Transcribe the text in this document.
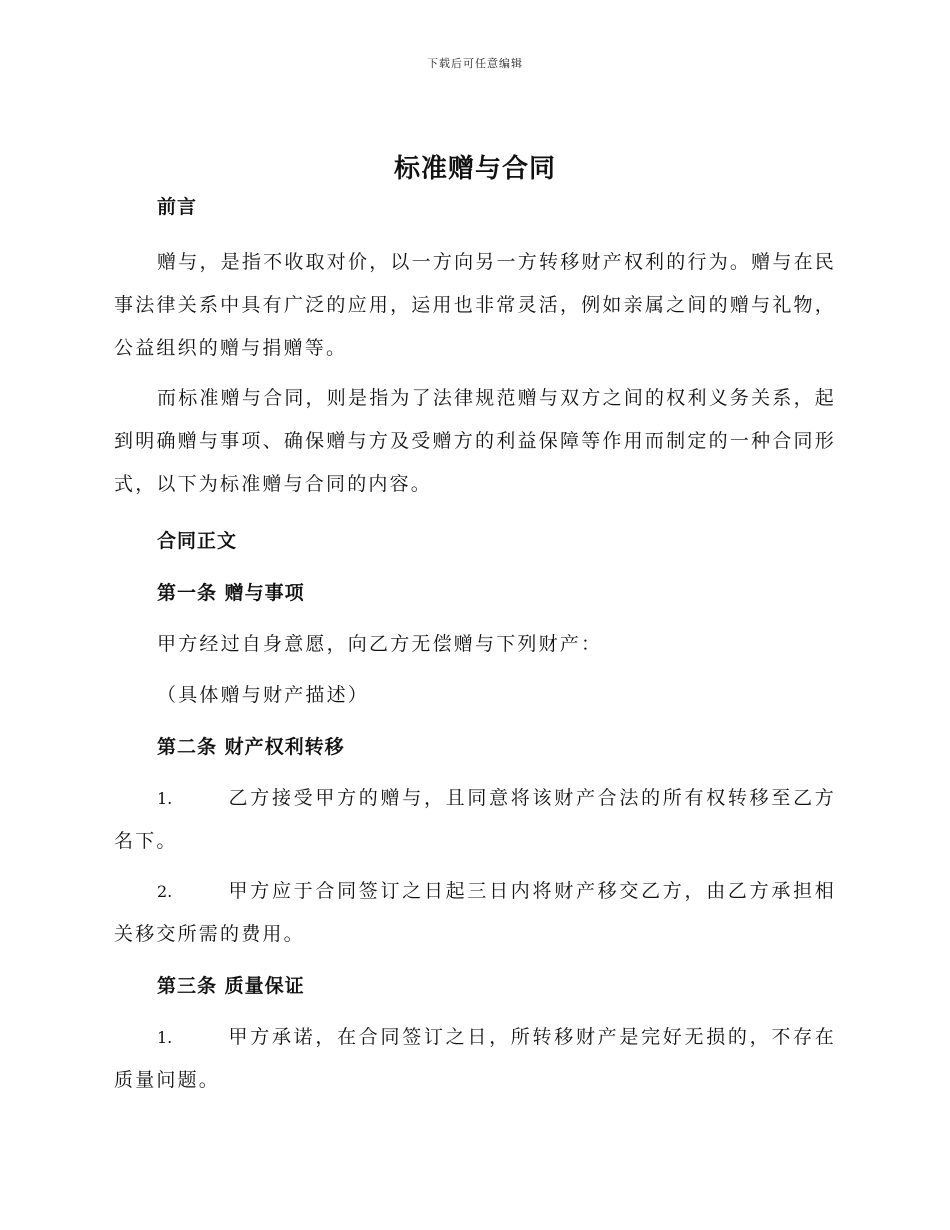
下载后可任意编辑
标准赠与合同

前言

赠与，是指不收取对价，以一方向另一方转移财产权利的行为。赠与在民事法律关系中具有广泛的应用，运用也非常灵活，例如亲属之间的赠与礼物，公益组织的赠与捐赠等。

而标准赠与合同，则是指为了法律规范赠与双方之间的权利义务关系，起到明确赠与事项、确保赠与方及受赠方的利益保障等作用而制定的一种合同形式，以下为标准赠与合同的内容。

合同正文

第一条 赠与事项

甲方经过自身意愿，向乙方无偿赠与下列财产：

（具体赠与财产描述）

第二条 财产权利转移

1.	乙方接受甲方的赠与，且同意将该财产合法的所有权转移至乙方名下。

2.	甲方应于合同签订之日起三日内将财产移交乙方，由乙方承担相关移交所需的费用。

第三条 质量保证

1.	甲方承诺，在合同签订之日，所转移财产是完好无损的，不存在质量问题。
